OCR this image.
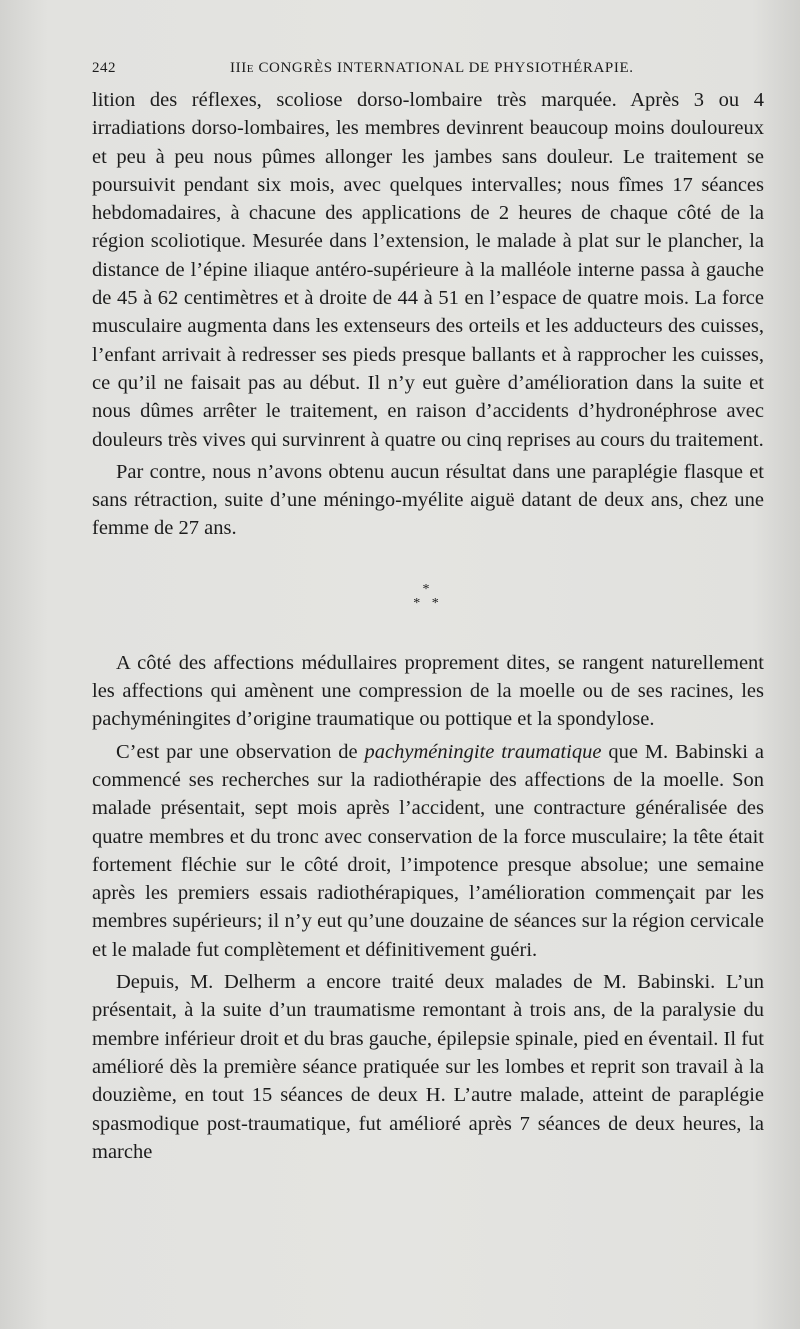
242	IIIe CONGRÈS INTERNATIONAL DE PHYSIOTHÉRAPIE.

lition des réflexes, scoliose dorso-lombaire très marquée. Après 3 ou 4 irradiations dorso-lombaires, les membres devinrent beaucoup moins douloureux et peu à peu nous pûmes allonger les jambes sans douleur. Le traitement se poursuivit pendant six mois, avec quelques intervalles; nous fîmes 17 séances hebdomadaires, à chacune des applications de 2 heures de chaque côté de la région scoliotique. Mesurée dans l’extension, le malade à plat sur le plancher, la distance de l’épine iliaque antéro-supérieure à la malléole interne passa à gauche de 45 à 62 centimètres et à droite de 44 à 51 en l’espace de quatre mois. La force musculaire augmenta dans les extenseurs des orteils et les adducteurs des cuisses, l’enfant arrivait à redresser ses pieds presque ballants et à rapprocher les cuisses, ce qu’il ne faisait pas au début. Il n’y eut guère d’amélioration dans la suite et nous dûmes arrêter le traitement, en raison d’accidents d’hydronéphrose avec douleurs très vives qui survinrent à quatre ou cinq reprises au cours du traitement.

Par contre, nous n’avons obtenu aucun résultat dans une paraplégie flasque et sans rétraction, suite d’une méningo-myélite aiguë datant de deux ans, chez une femme de 27 ans.

*
* *

A côté des affections médullaires proprement dites, se rangent naturellement les affections qui amènent une compression de la moelle ou de ses racines, les pachyméningites d’origine traumatique ou pottique et la spondylose.

C’est par une observation de pachyméningite traumatique que M. Babinski a commencé ses recherches sur la radiothérapie des affections de la moelle. Son malade présentait, sept mois après l’accident, une contracture généralisée des quatre membres et du tronc avec conservation de la force musculaire; la tête était fortement fléchie sur le côté droit, l’impotence presque absolue; une semaine après les premiers essais radiothérapiques, l’amélioration commençait par les membres supérieurs; il n’y eut qu’une douzaine de séances sur la région cervicale et le malade fut complètement et définitivement guéri.

Depuis, M. Delherm a encore traité deux malades de M. Babinski. L’un présentait, à la suite d’un traumatisme remontant à trois ans, de la paralysie du membre inférieur droit et du bras gauche, épilepsie spinale, pied en éventail. Il fut amélioré dès la première séance pratiquée sur les lombes et reprit son travail à la douzième, en tout 15 séances de deux H. L’autre malade, atteint de paraplégie spasmodique post-traumatique, fut amélioré après 7 séances de deux heures, la marche
